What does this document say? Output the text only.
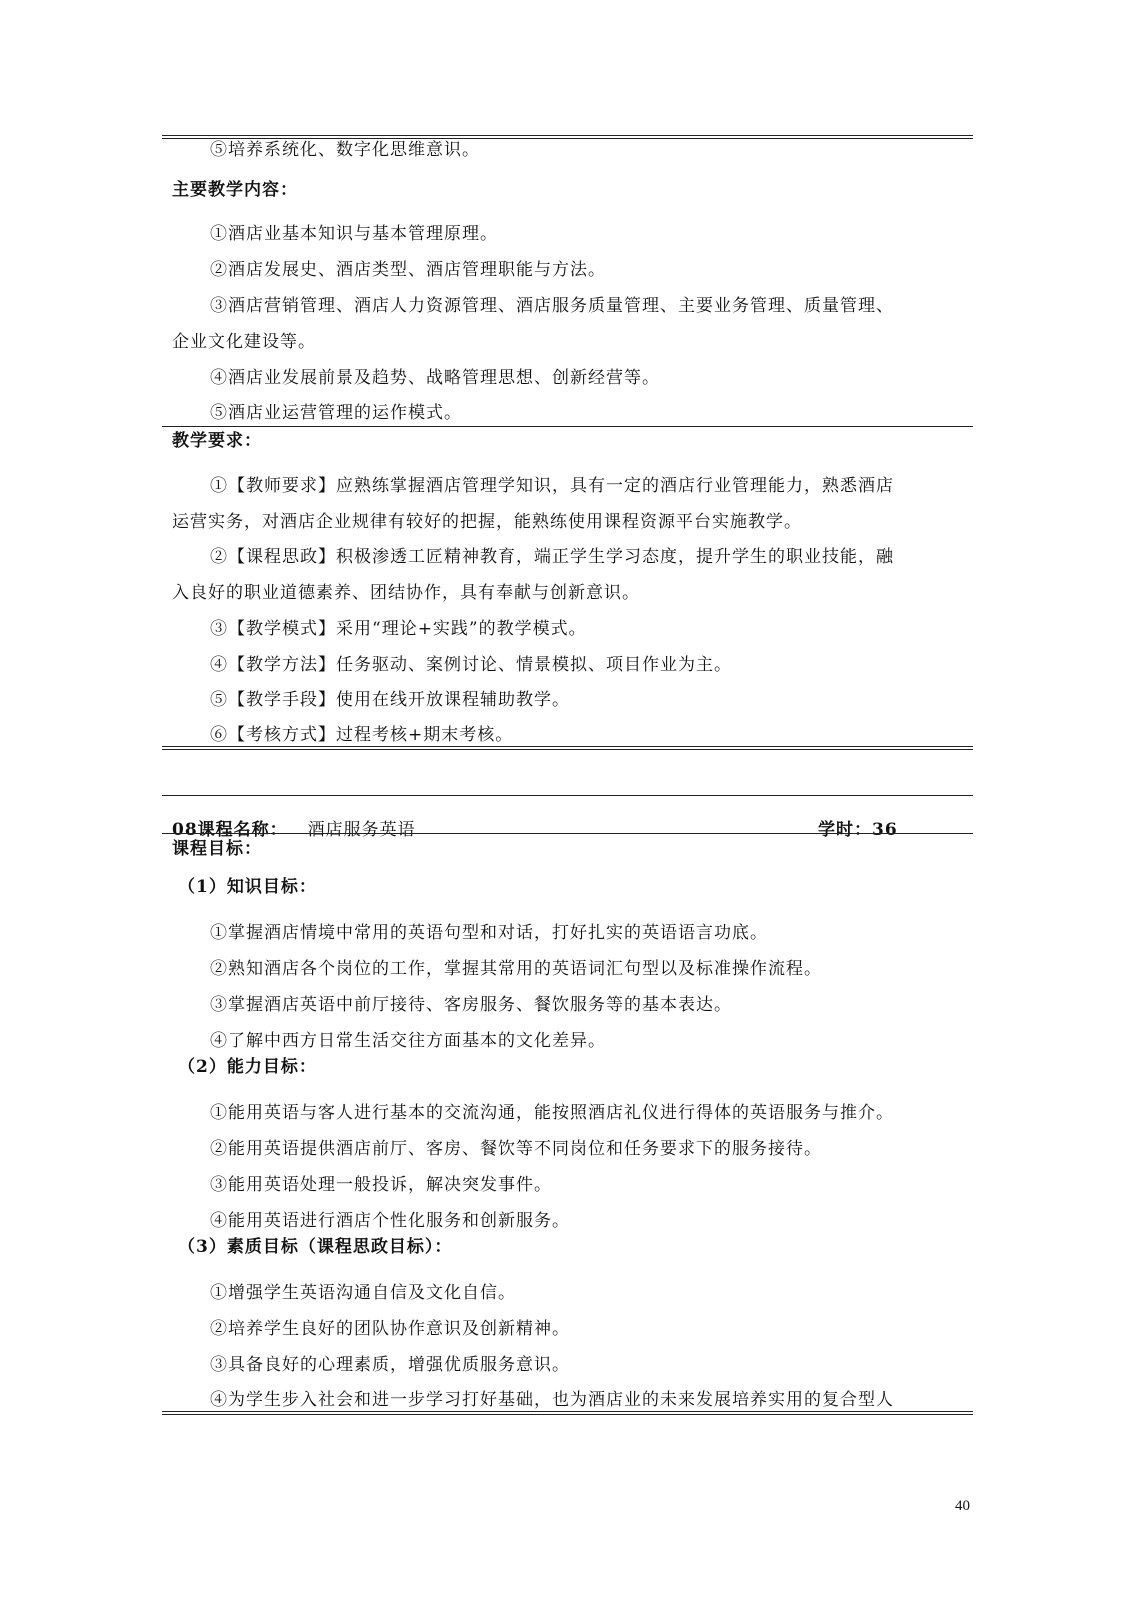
⑤培养系统化、数字化思维意识。
主要教学内容：
①酒店业基本知识与基本管理原理。
②酒店发展史、酒店类型、酒店管理职能与方法。
③酒店营销管理、酒店人力资源管理、酒店服务质量管理、主要业务管理、质量管理、
企业文化建设等。
④酒店业发展前景及趋势、战略管理思想、创新经营等。
⑤酒店业运营管理的运作模式。
教学要求：
①【教师要求】应熟练掌握酒店管理学知识，具有一定的酒店行业管理能力，熟悉酒店
运营实务，对酒店企业规律有较好的把握，能熟练使用课程资源平台实施教学。
②【课程思政】积极渗透工匠精神教育，端正学生学习态度，提升学生的职业技能，融
入良好的职业道德素养、团结协作，具有奉献与创新意识。
③【教学模式】采用“理论+实践”的教学模式。
④【教学方法】任务驱动、案例讨论、情景模拟、项目作业为主。
⑤【教学手段】使用在线开放课程辅助教学。
⑥【考核方式】过程考核+期末考核。
08课程名称： 酒店服务英语	学时：36
课程目标：
（1）知识目标：
①掌握酒店情境中常用的英语句型和对话，打好扎实的英语语言功底。
②熟知酒店各个岗位的工作，掌握其常用的英语词汇句型以及标准操作流程。
③掌握酒店英语中前厅接待、客房服务、餐饮服务等的基本表达。
④了解中西方日常生活交往方面基本的文化差异。
（2）能力目标：
①能用英语与客人进行基本的交流沟通，能按照酒店礼仪进行得体的英语服务与推介。
②能用英语提供酒店前厅、客房、餐饮等不同岗位和任务要求下的服务接待。
③能用英语处理一般投诉，解决突发事件。
④能用英语进行酒店个性化服务和创新服务。
（3）素质目标（课程思政目标）：
①增强学生英语沟通自信及文化自信。
②培养学生良好的团队协作意识及创新精神。
③具备良好的心理素质，增强优质服务意识。
④为学生步入社会和进一步学习打好基础，也为酒店业的未来发展培养实用的复合型人
40
